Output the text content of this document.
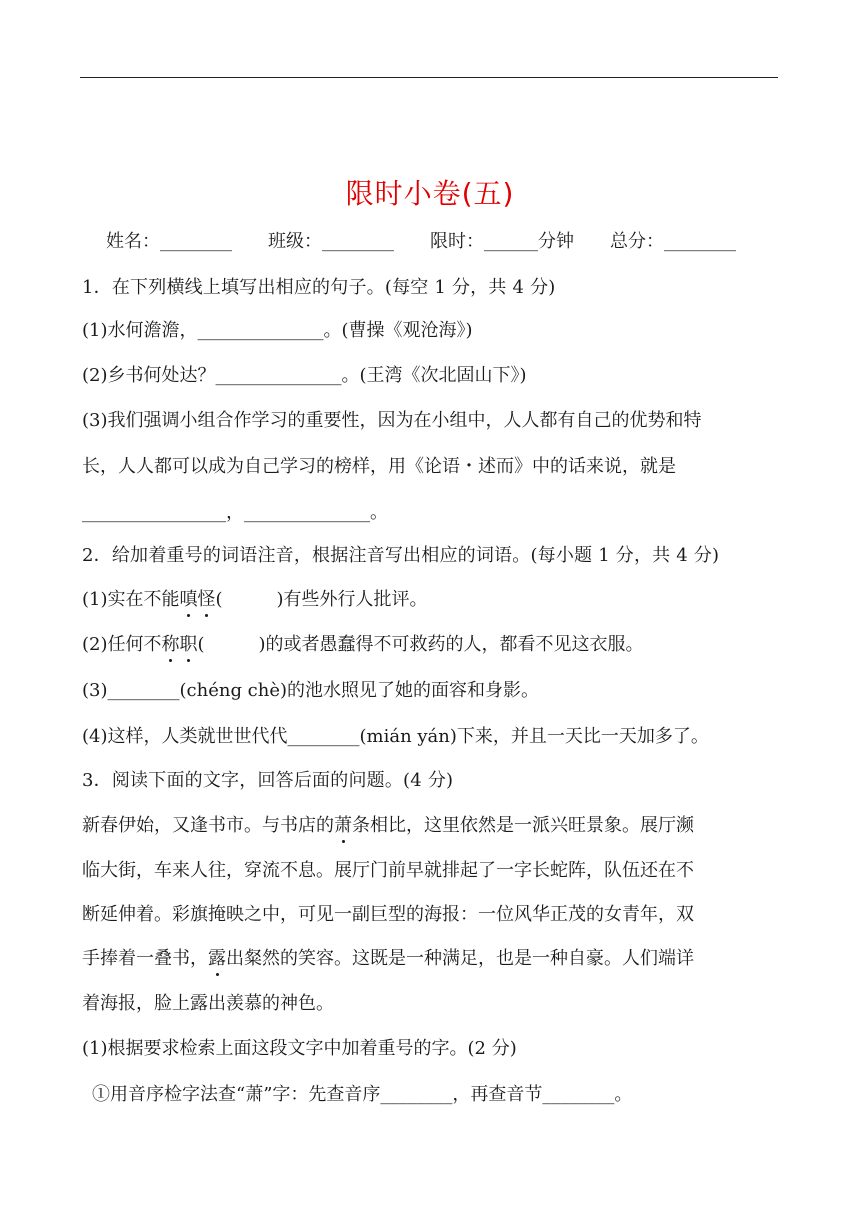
限时小卷(五)
姓名：________　　班级：________　　限时：______分钟　　总分：________
1．在下列横线上填写出相应的句子。(每空 1 分，共 4 分)
(1)水何澹澹，______________。(曹操《观沧海》)
(2)乡书何处达？______________。(王湾《次北固山下》)
(3)我们强调小组合作学习的重要性，因为在小组中，人人都有自己的优势和特
长，人人都可以成为自己学习的榜样，用《论语・述而》中的话来说，就是
________________，______________。
2．给加着重号的词语注音，根据注音写出相应的词语。(每小题 1 分，共 4 分)
(1)实在不能嗔怪(　　　)有些外行人批评。
(2)任何不称职(　　　)的或者愚蠢得不可救药的人，都看不见这衣服。
(3)________(chéng chè)的池水照见了她的面容和身影。
(4)这样，人类就世世代代________(mián yán)下来，并且一天比一天加多了。
3．阅读下面的文字，回答后面的问题。(4 分)
新春伊始，又逢书市。与书店的萧条相比，这里依然是一派兴旺景象。展厅濒
临大街，车来人往，穿流不息。展厅门前早就排起了一字长蛇阵，队伍还在不
断延伸着。彩旗掩映之中，可见一副巨型的海报：一位风华正茂的女青年，双
手捧着一叠书，露出粲然的笑容。这既是一种满足，也是一种自豪。人们端详
着海报，脸上露出羡慕的神色。
(1)根据要求检索上面这段文字中加着重号的字。(2 分)
①用音序检字法查“萧”字：先查音序________，再查音节________。
